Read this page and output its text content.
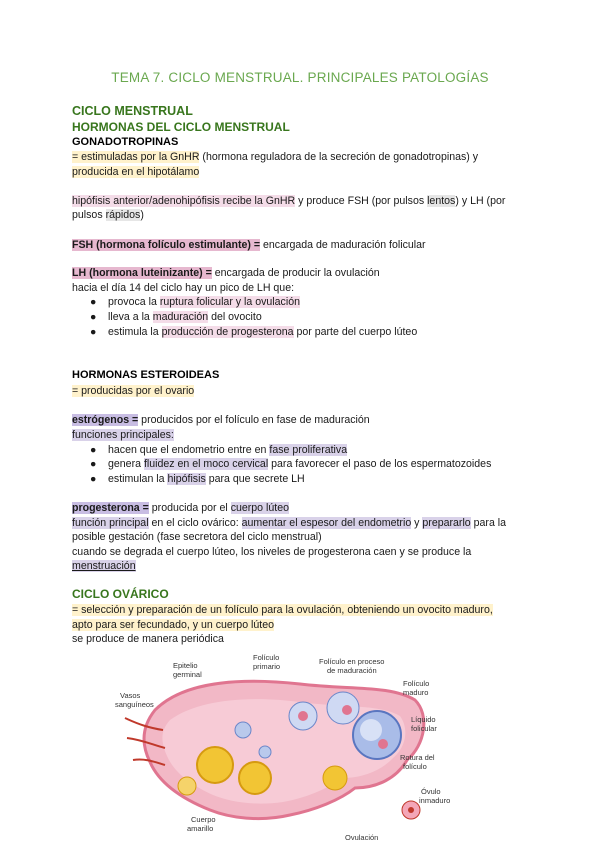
TEMA 7. CICLO MENSTRUAL. PRINCIPALES PATOLOGÍAS
CICLO MENSTRUAL
HORMONAS DEL CICLO MENSTRUAL
GONADOTROPINAS
= estimuladas por la GnHR (hormona reguladora de la secreción de gonadotropinas) y
producida en el hipotálamo
hipófisis anterior/adenohipófisis recibe la GnHR y produce FSH (por pulsos lentos) y LH (por
pulsos rápidos)
FSH (hormona folículo estimulante) = encargada de maduración folicular
LH (hormona luteinizante) = encargada de producir la ovulación
hacia el día 14 del ciclo hay un pico de LH que:
● provoca la ruptura folicular y la ovulación
● lleva a la maduración del ovocito
● estimula la producción de progesterona por parte del cuerpo lúteo
HORMONAS ESTEROIDEAS
= producidas por el ovario
estrógenos = producidos por el folículo en fase de maduración
funciones principales:
● hacen que el endometrio entre en fase proliferativa
● genera fluidez en el moco cervical para favorecer el paso de los espermatozoides
● estimulan la hipófisis para que secrete LH
progesterona = producida por el cuerpo lúteo
función principal en el ciclo ovárico: aumentar el espesor del endometrio y prepararlo para la
posible gestación (fase secretora del ciclo menstrual)
cuando se degrada el cuerpo lúteo, los niveles de progesterona caen y se produce la
menstruación
CICLO OVÁRICO
= selección y preparación de un folículo para la ovulación, obteniendo un ovocito maduro,
apto para ser fecundado, y un cuerpo lúteo
se produce de manera periódica
Epitelio germinal
Folículo primario
Folículo en proceso de maduración
Folículo maduro
Vasos sanguíneos
Líquido folicular
Rotura del folículo
Óvulo inmaduro
Cuerpo amarillo
Ovulación
